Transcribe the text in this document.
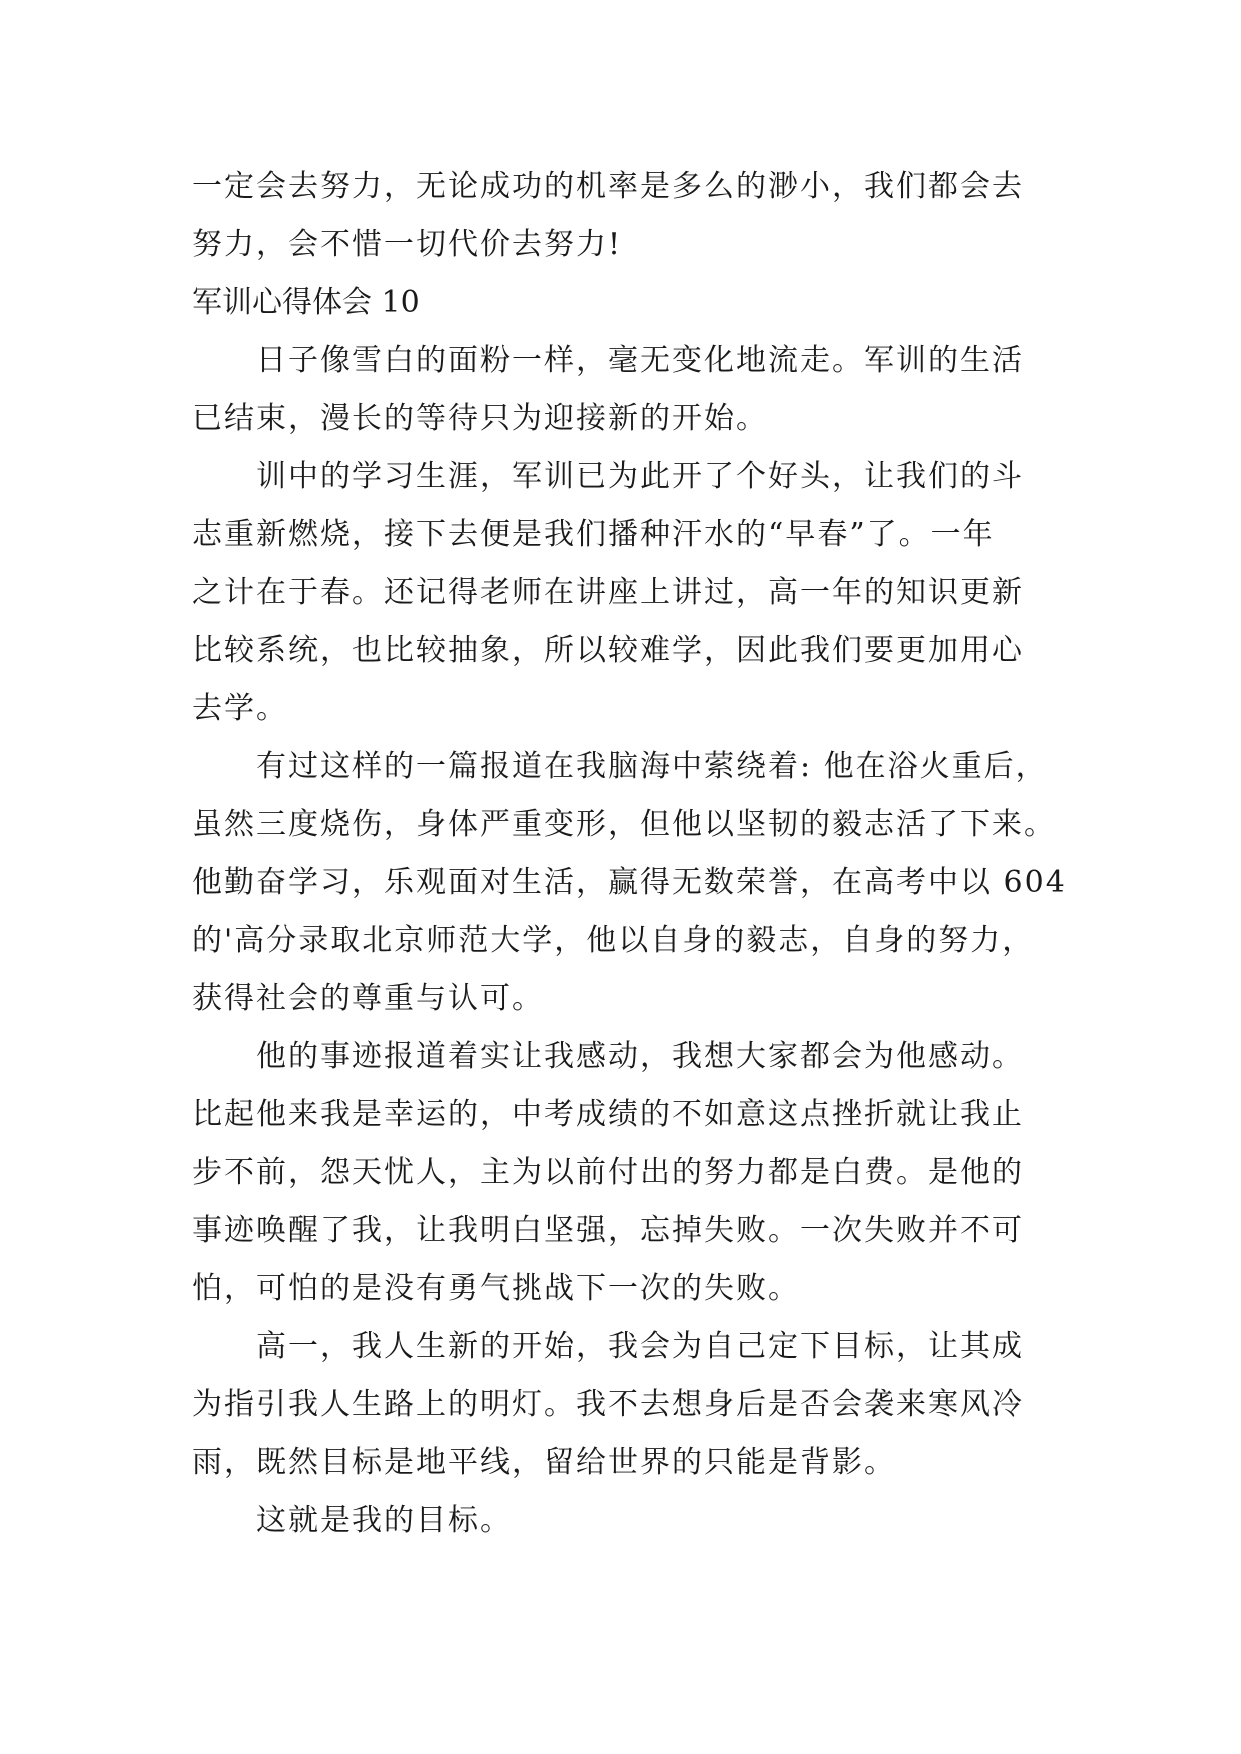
一定会去努力，无论成功的机率是多么的渺小，我们都会去

努力，会不惜一切代价去努力!

军训心得体会 10

　　日子像雪白的面粉一样，毫无变化地流走。军训的生活

已结束，漫长的等待只为迎接新的开始。

　　训中的学习生涯，军训已为此开了个好头，让我们的斗

志重新燃烧，接下去便是我们播种汗水的“早春”了。一年

之计在于春。还记得老师在讲座上讲过，高一年的知识更新

比较系统，也比较抽象，所以较难学，因此我们要更加用心

去学。

　　有过这样的一篇报道在我脑海中萦绕着: 他在浴火重后，

虽然三度烧伤，身体严重变形，但他以坚韧的毅志活了下来。

他勤奋学习，乐观面对生活，赢得无数荣誉，在高考中以 604

的'高分录取北京师范大学，他以自身的毅志，自身的努力，

获得社会的尊重与认可。

　　他的事迹报道着实让我感动，我想大家都会为他感动。

比起他来我是幸运的，中考成绩的不如意这点挫折就让我止

步不前，怨天忧人，主为以前付出的努力都是白费。是他的

事迹唤醒了我，让我明白坚强，忘掉失败。一次失败并不可

怕，可怕的是没有勇气挑战下一次的失败。

　　高一，我人生新的开始，我会为自己定下目标，让其成

为指引我人生路上的明灯。我不去想身后是否会袭来寒风冷

雨，既然目标是地平线，留给世界的只能是背影。

　　这就是我的目标。
